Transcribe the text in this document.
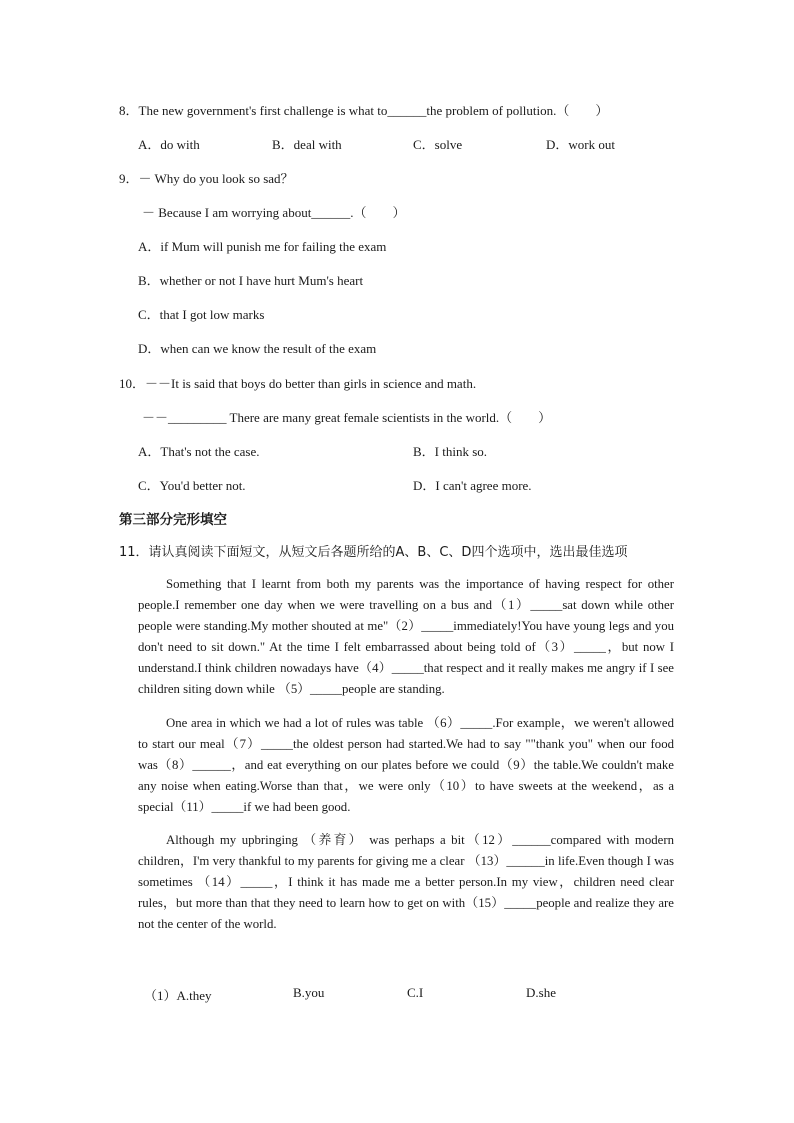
8．The new government's first challenge is what to______the problem of pollution.（　　）
A．do with	B．deal with	C．solve	D．work out
9．－ Why do you look so sad？
－ Because I am worrying about______.（　　）
A．if Mum will punish me for failing the exam
B．whether or not I have hurt Mum's heart
C．that I got low marks
D．when can we know the result of the exam
10．－－It is said that boys do better than girls in science and math.
－－_________ There are many great female scientists in the world.（　　）
A．That's not the case.	B．I think so.
C．You'd better not.	D．I can't agree more.
第三部分完形填空
11．请认真阅读下面短文，从短文后各题所给的A、B、C、D四个选项中，选出最佳选项
Something that I learnt from both my parents was the importance of having respect for other people.I remember one day when we were travelling on a bus and（1）_____sat down while other people were standing.My mother shouted at me"（2）_____immediately!You have young legs and you don't need to sit down." At the time I felt embarrassed about being told of（3）_____，but now I understand.I think children nowadays have（4）_____that respect and it really makes me angry if I see children siting down while （5）_____people are standing.
One area in which we had a lot of rules was table （6）_____.For example，we weren't allowed to start our meal（7）_____the oldest person had started.We had to say ""thank you" when our food was（8）______，and eat everything on our plates before we could（9）the table.We couldn't make any noise when eating.Worse than that，we were only（10）to have sweets at the weekend，as a special（11）_____if we had been good.
Although my upbringing （养育） was perhaps a bit（12）______compared with modern children，I'm very thankful to my parents for giving me a clear （13）______in life.Even though I was sometimes （14）_____，I think it has made me a better person.In my view，children need clear rules，but more than that they need to learn how to get on with（15）_____people and realize they are not the center of the world.
（1）A.they	B.you	C.I	D.she
